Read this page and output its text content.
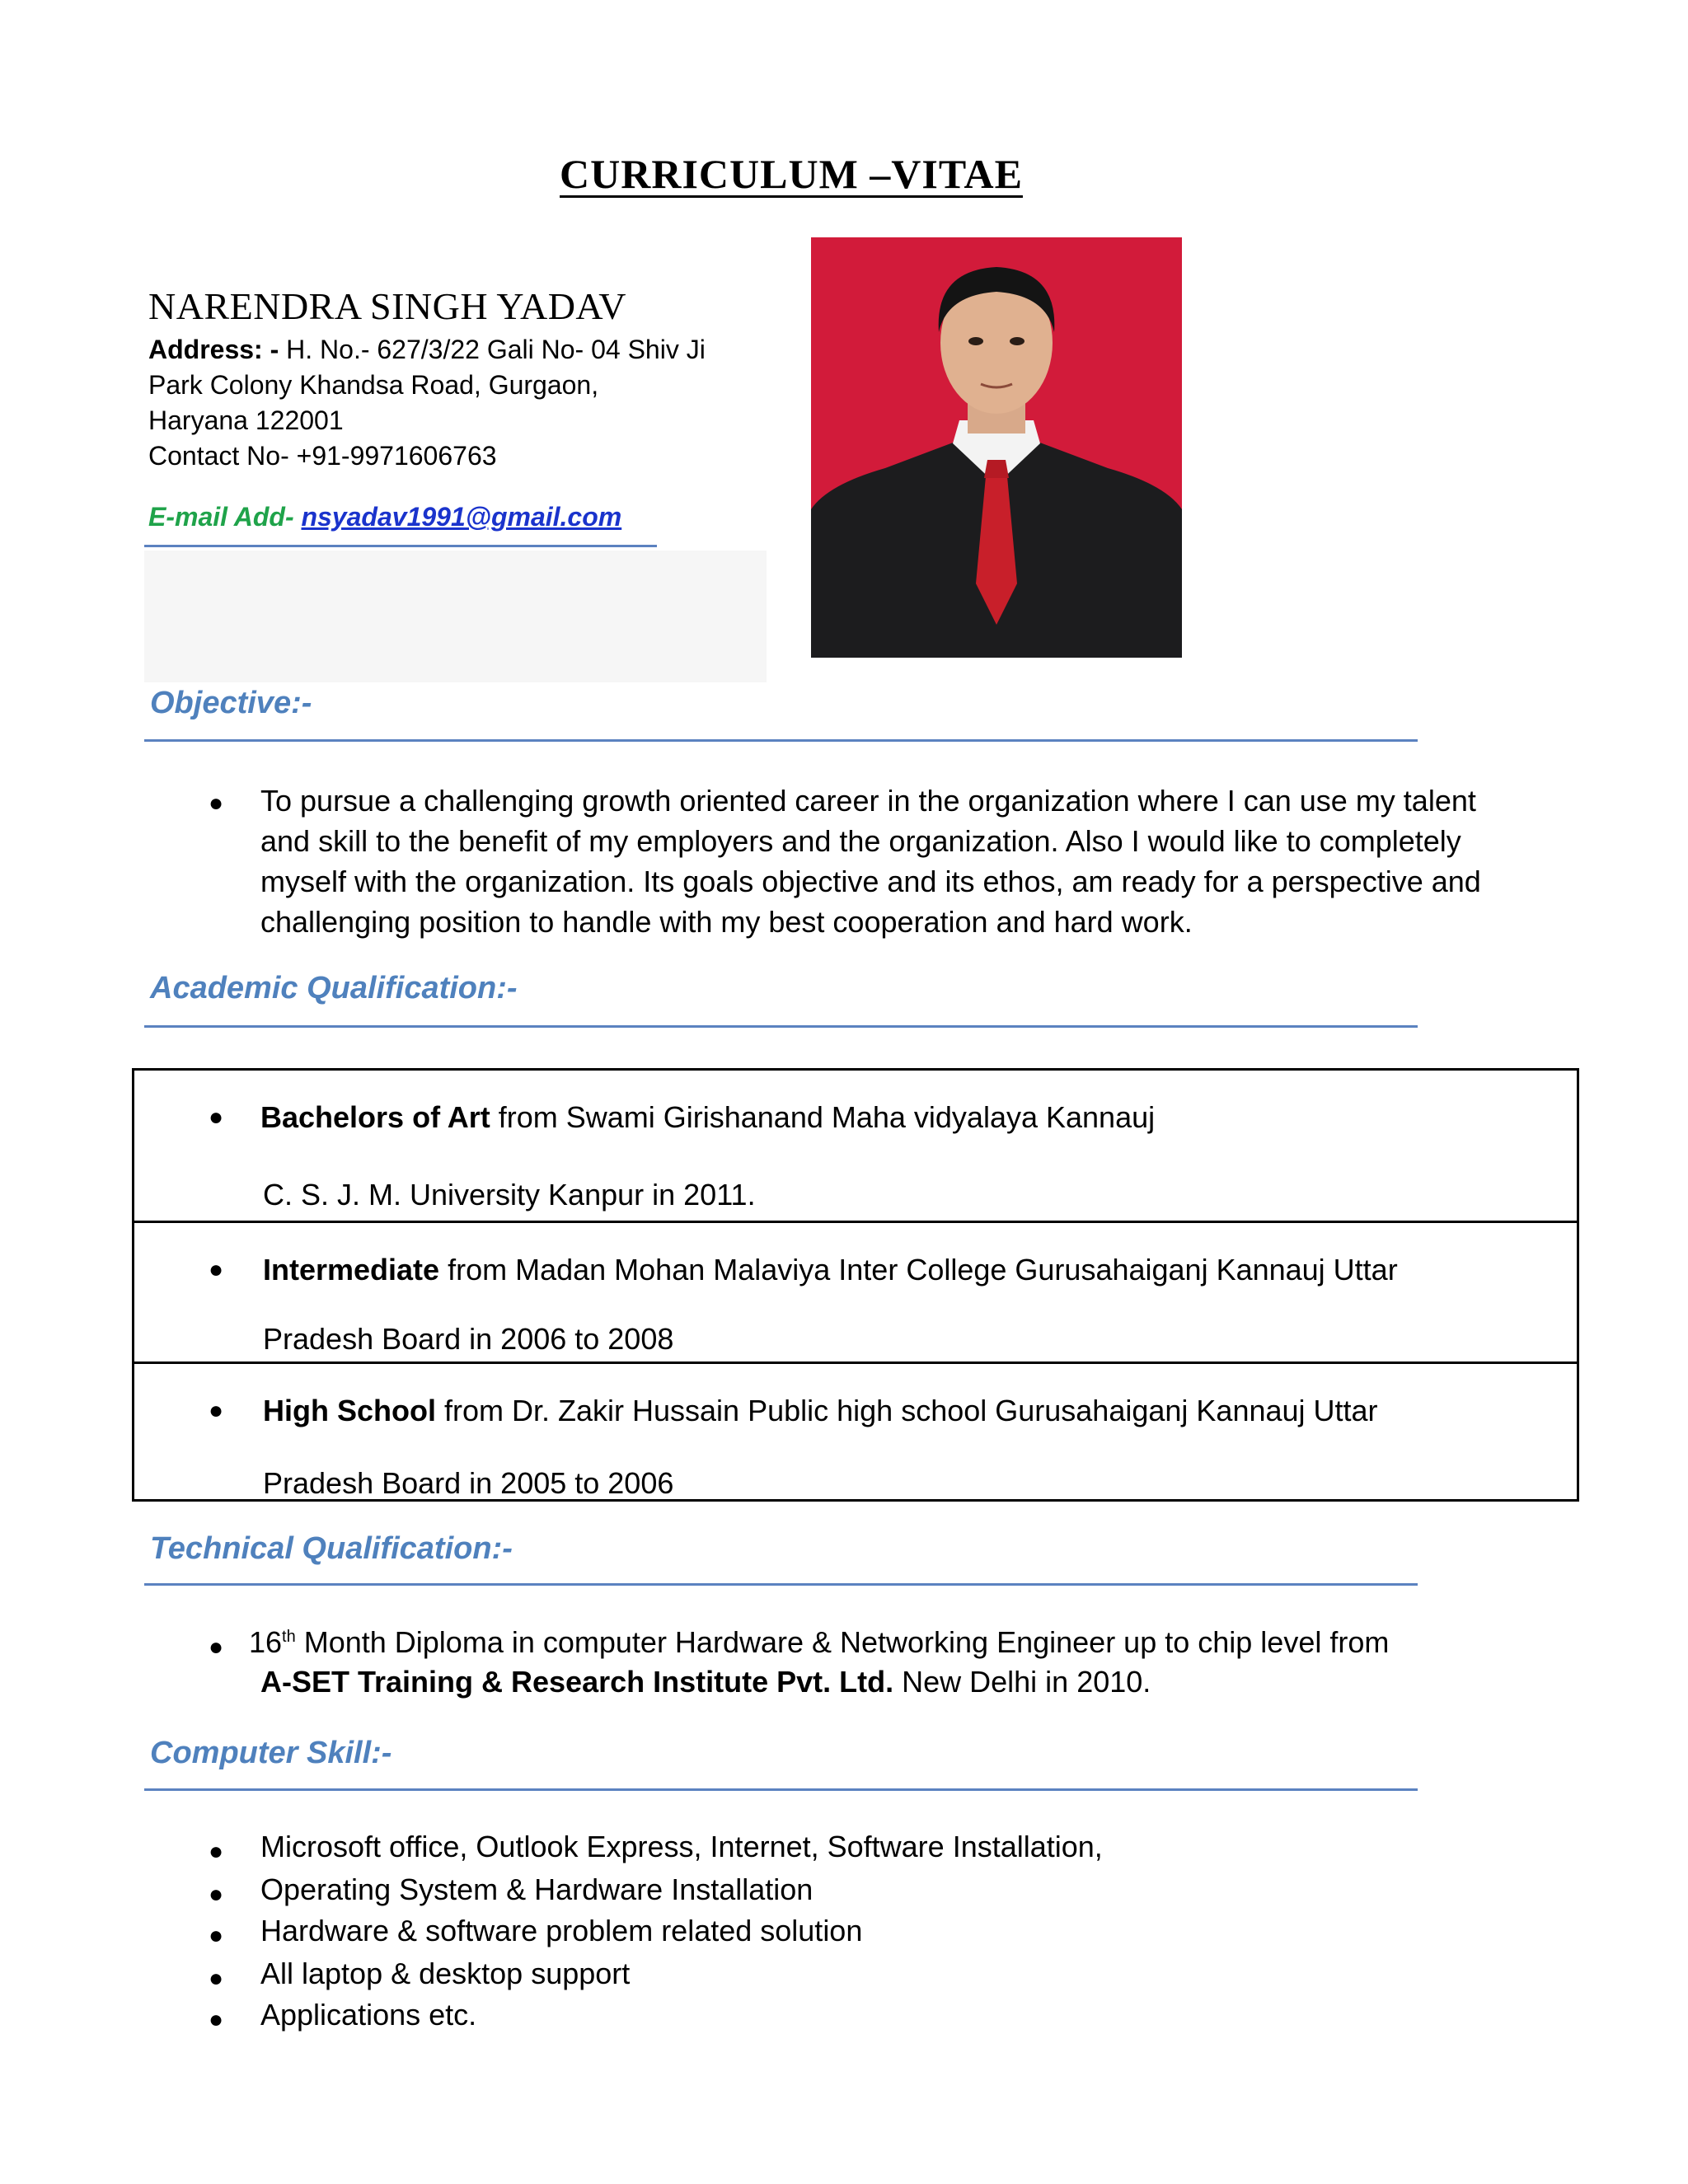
CURRICULUM –VITAE
NARENDRA SINGH YADAV
Address: - H. No.- 627/3/22 Gali No- 04 Shiv Ji
Park Colony Khandsa Road, Gurgaon,
Haryana 122001
Contact No- +91-9971606763
E-mail Add- nsyadav1991@gmail.com
Objective:-
● To pursue a challenging growth oriented career in the organization where I can use my talent and skill to the benefit of my employers and the organization. Also I would like to completely myself with the organization. Its goals objective and its ethos, am ready for a perspective and challenging position to handle with my best cooperation and hard work.
Academic Qualification:-
● Bachelors of Art from Swami Girishanand Maha vidyalaya Kannauj
C. S. J. M. University Kanpur in 2011.
● Intermediate from Madan Mohan Malaviya Inter College Gurusahaiganj Kannauj Uttar
Pradesh Board in 2006 to 2008
● High School from Dr. Zakir Hussain Public high school Gurusahaiganj Kannauj Uttar
Pradesh Board in 2005 to 2006
Technical Qualification:-
● 16th Month Diploma in computer Hardware & Networking Engineer up to chip level from
A-SET Training & Research Institute Pvt. Ltd. New Delhi in 2010.
Computer Skill:-
● Microsoft office, Outlook Express, Internet, Software Installation,
● Operating System & Hardware Installation
● Hardware & software problem related solution
● All laptop & desktop support
● Applications etc.
